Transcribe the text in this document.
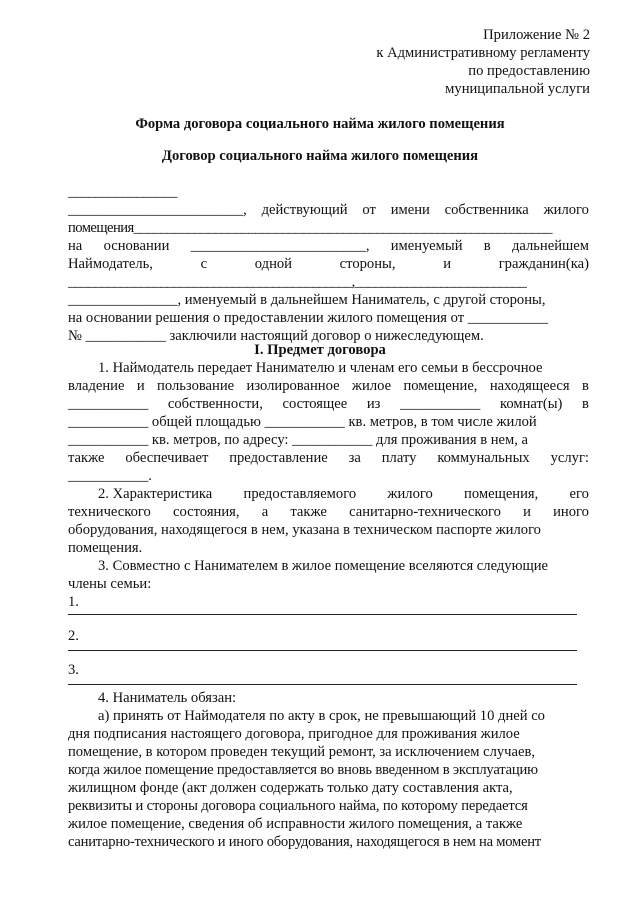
Приложение № 2
к Административному регламенту
по предоставлению
муниципальной услуги
Форма договора социального найма жилого помещения
Договор социального найма жилого помещения
________________
________________________, действующий от имени собственника жилого
помещения______________________________________________________________
на основании ________________________, именуемый в дальнейшем
Наймодатель,	с	одной	стороны,	и	гражданин(ка)
___________________________________________,__________________________
_______________, именуемый в дальнейшем Наниматель, с другой стороны,
на основании решения о предоставлении жилого помещения от ___________
№ ___________ заключили настоящий договор о нижеследующем.
I. Предмет договора
1. Наймодатель передает Нанимателю и членам его семьи в бессрочное
владение и пользование изолированное жилое помещение, находящееся в
___________ собственности, состоящее из ___________ комнат(ы) в
___________ общей площадью ___________ кв. метров, в том числе жилой
___________ кв. метров, по адресу: ___________ для проживания в нем, а
также обеспечивает предоставление за плату коммунальных услуг:
___________.
2. Характеристика предоставляемого жилого помещения, его
технического состояния, а также санитарно-технического и иного
оборудования, находящегося в нем, указана в техническом паспорте жилого
помещения.
3. Совместно с Нанимателем в жилое помещение вселяются следующие
члены семьи:
1.
2.
3.
4. Наниматель обязан:
а) принять от Наймодателя по акту в срок, не превышающий 10 дней со
дня подписания настоящего договора, пригодное для проживания жилое
помещение, в котором проведен текущий ремонт, за исключением случаев,
когда жилое помещение предоставляется во вновь введенном в эксплуатацию
жилищном фонде (акт должен содержать только дату составления акта,
реквизиты и стороны договора социального найма, по которому передается
жилое помещение, сведения об исправности жилого помещения, а также
санитарно-технического и иного оборудования, находящегося в нем на момент
